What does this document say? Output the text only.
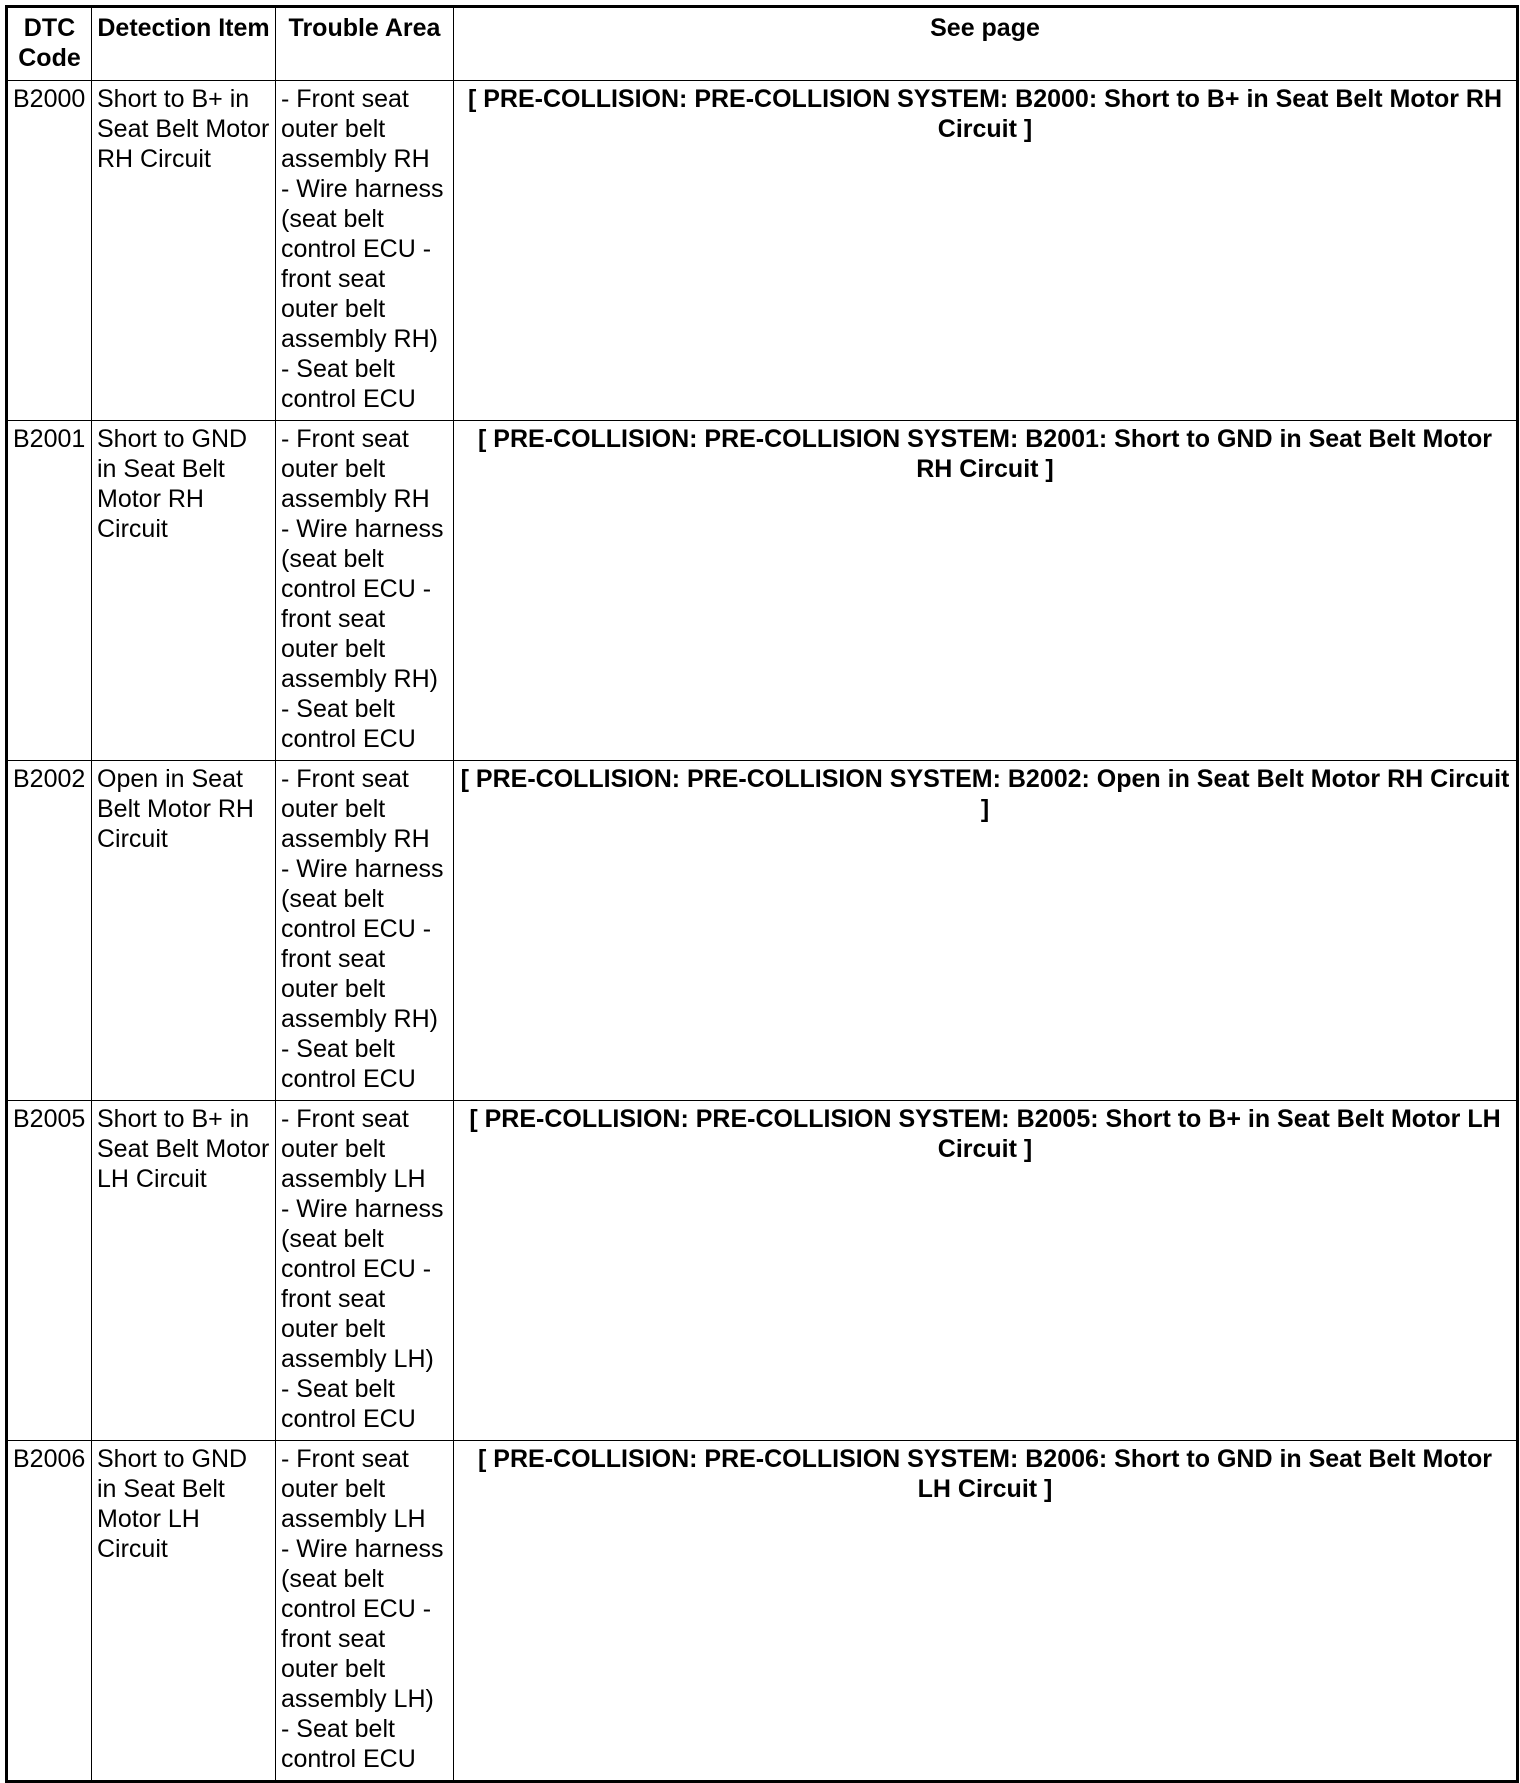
DTC
Code	Detection Item	Trouble Area	See page
B2000	Short to B+ in Seat Belt Motor RH Circuit	- Front seat outer belt assembly RH
- Wire harness (seat belt control ECU - front seat outer belt assembly RH)
- Seat belt control ECU	[ PRE-COLLISION: PRE-COLLISION SYSTEM: B2000: Short to B+ in Seat Belt Motor RH Circuit ]
B2001	Short to GND in Seat Belt Motor RH Circuit	- Front seat outer belt assembly RH
- Wire harness (seat belt control ECU - front seat outer belt assembly RH)
- Seat belt control ECU	[ PRE-COLLISION: PRE-COLLISION SYSTEM: B2001: Short to GND in Seat Belt Motor RH Circuit ]
B2002	Open in Seat Belt Motor RH Circuit	- Front seat outer belt assembly RH
- Wire harness (seat belt control ECU - front seat outer belt assembly RH)
- Seat belt control ECU	[ PRE-COLLISION: PRE-COLLISION SYSTEM: B2002: Open in Seat Belt Motor RH Circuit ]
B2005	Short to B+ in Seat Belt Motor LH Circuit	- Front seat outer belt assembly LH
- Wire harness (seat belt control ECU - front seat outer belt assembly LH)
- Seat belt control ECU	[ PRE-COLLISION: PRE-COLLISION SYSTEM: B2005: Short to B+ in Seat Belt Motor LH Circuit ]
B2006	Short to GND in Seat Belt Motor LH Circuit	- Front seat outer belt assembly LH
- Wire harness (seat belt control ECU - front seat outer belt assembly LH)
- Seat belt control ECU	[ PRE-COLLISION: PRE-COLLISION SYSTEM: B2006: Short to GND in Seat Belt Motor LH Circuit ]
